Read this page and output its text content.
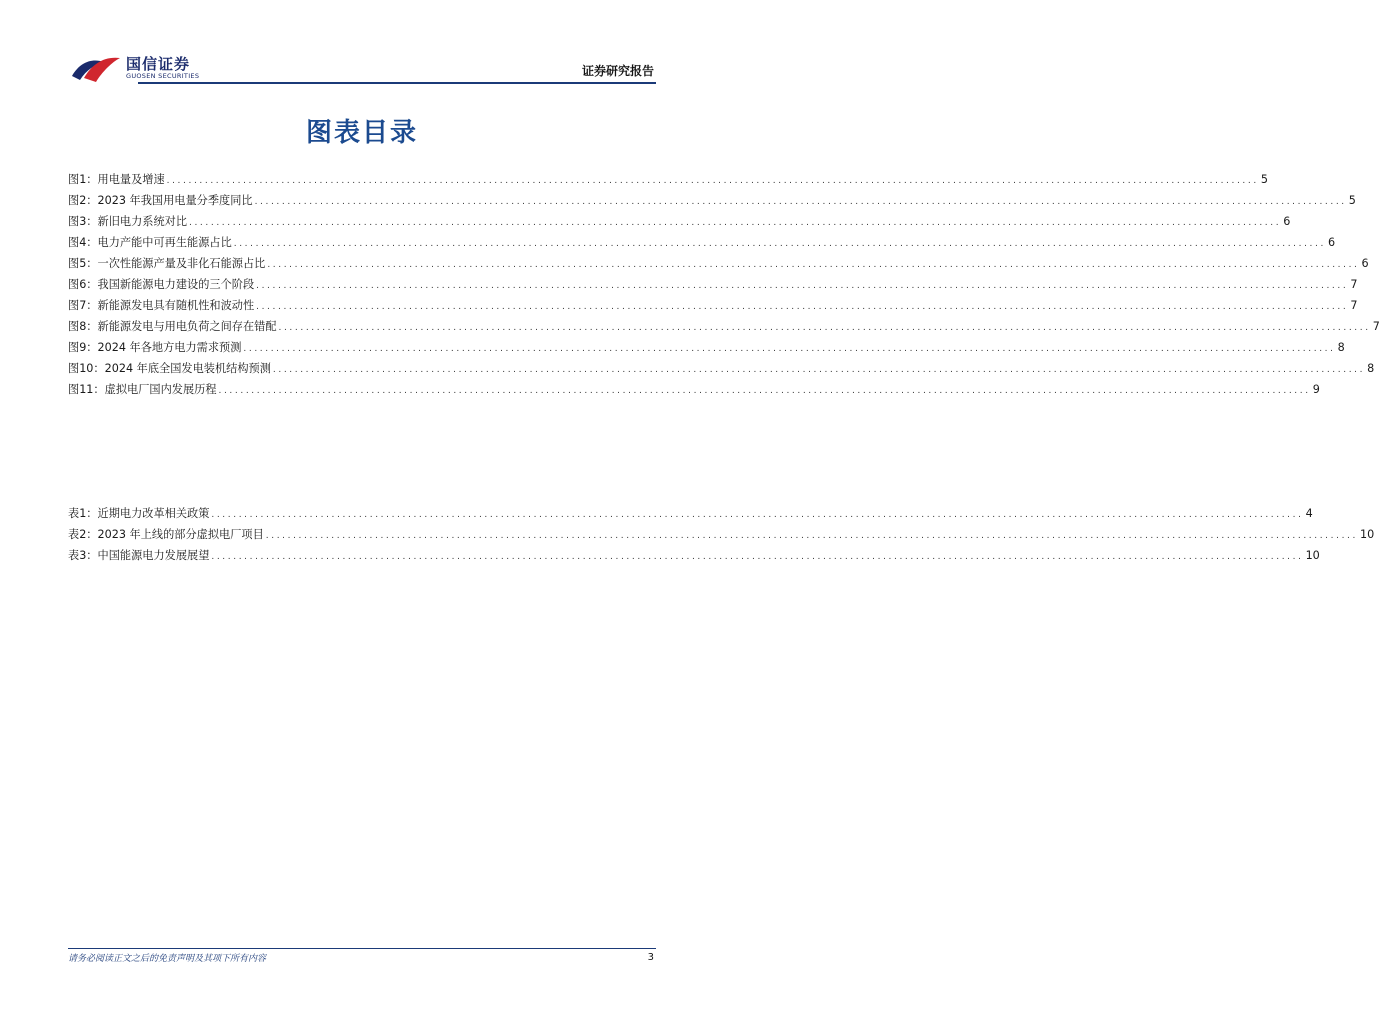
国信证券
GUOSEN SECURITIES	证券研究报告
图表目录
图1： 用电量及增速 ........................................................................................................................................................................................................ 5
图2： 2023 年我国用电量分季度同比 ........................................................................................................................................................................................................ 5
图3： 新旧电力系统对比 ........................................................................................................................................................................................................ 6
图4： 电力产能中可再生能源占比 ........................................................................................................................................................................................................ 6
图5： 一次性能源产量及非化石能源占比 ........................................................................................................................................................................................................ 6
图6： 我国新能源电力建设的三个阶段 ........................................................................................................................................................................................................ 7
图7： 新能源发电具有随机性和波动性 ........................................................................................................................................................................................................ 7
图8： 新能源发电与用电负荷之间存在错配 ........................................................................................................................................................................................................ 7
图9： 2024 年各地方电力需求预测 ........................................................................................................................................................................................................ 8
图10： 2024 年底全国发电装机结构预测 ........................................................................................................................................................................................................ 8
图11： 虚拟电厂国内发展历程 ........................................................................................................................................................................................................ 9
表1： 近期电力改革相关政策 ........................................................................................................................................................................................................ 4
表2： 2023 年上线的部分虚拟电厂项目 ........................................................................................................................................................................................................ 10
表3： 中国能源电力发展展望 ........................................................................................................................................................................................................ 10
请务必阅读正文之后的免责声明及其项下所有内容	3
